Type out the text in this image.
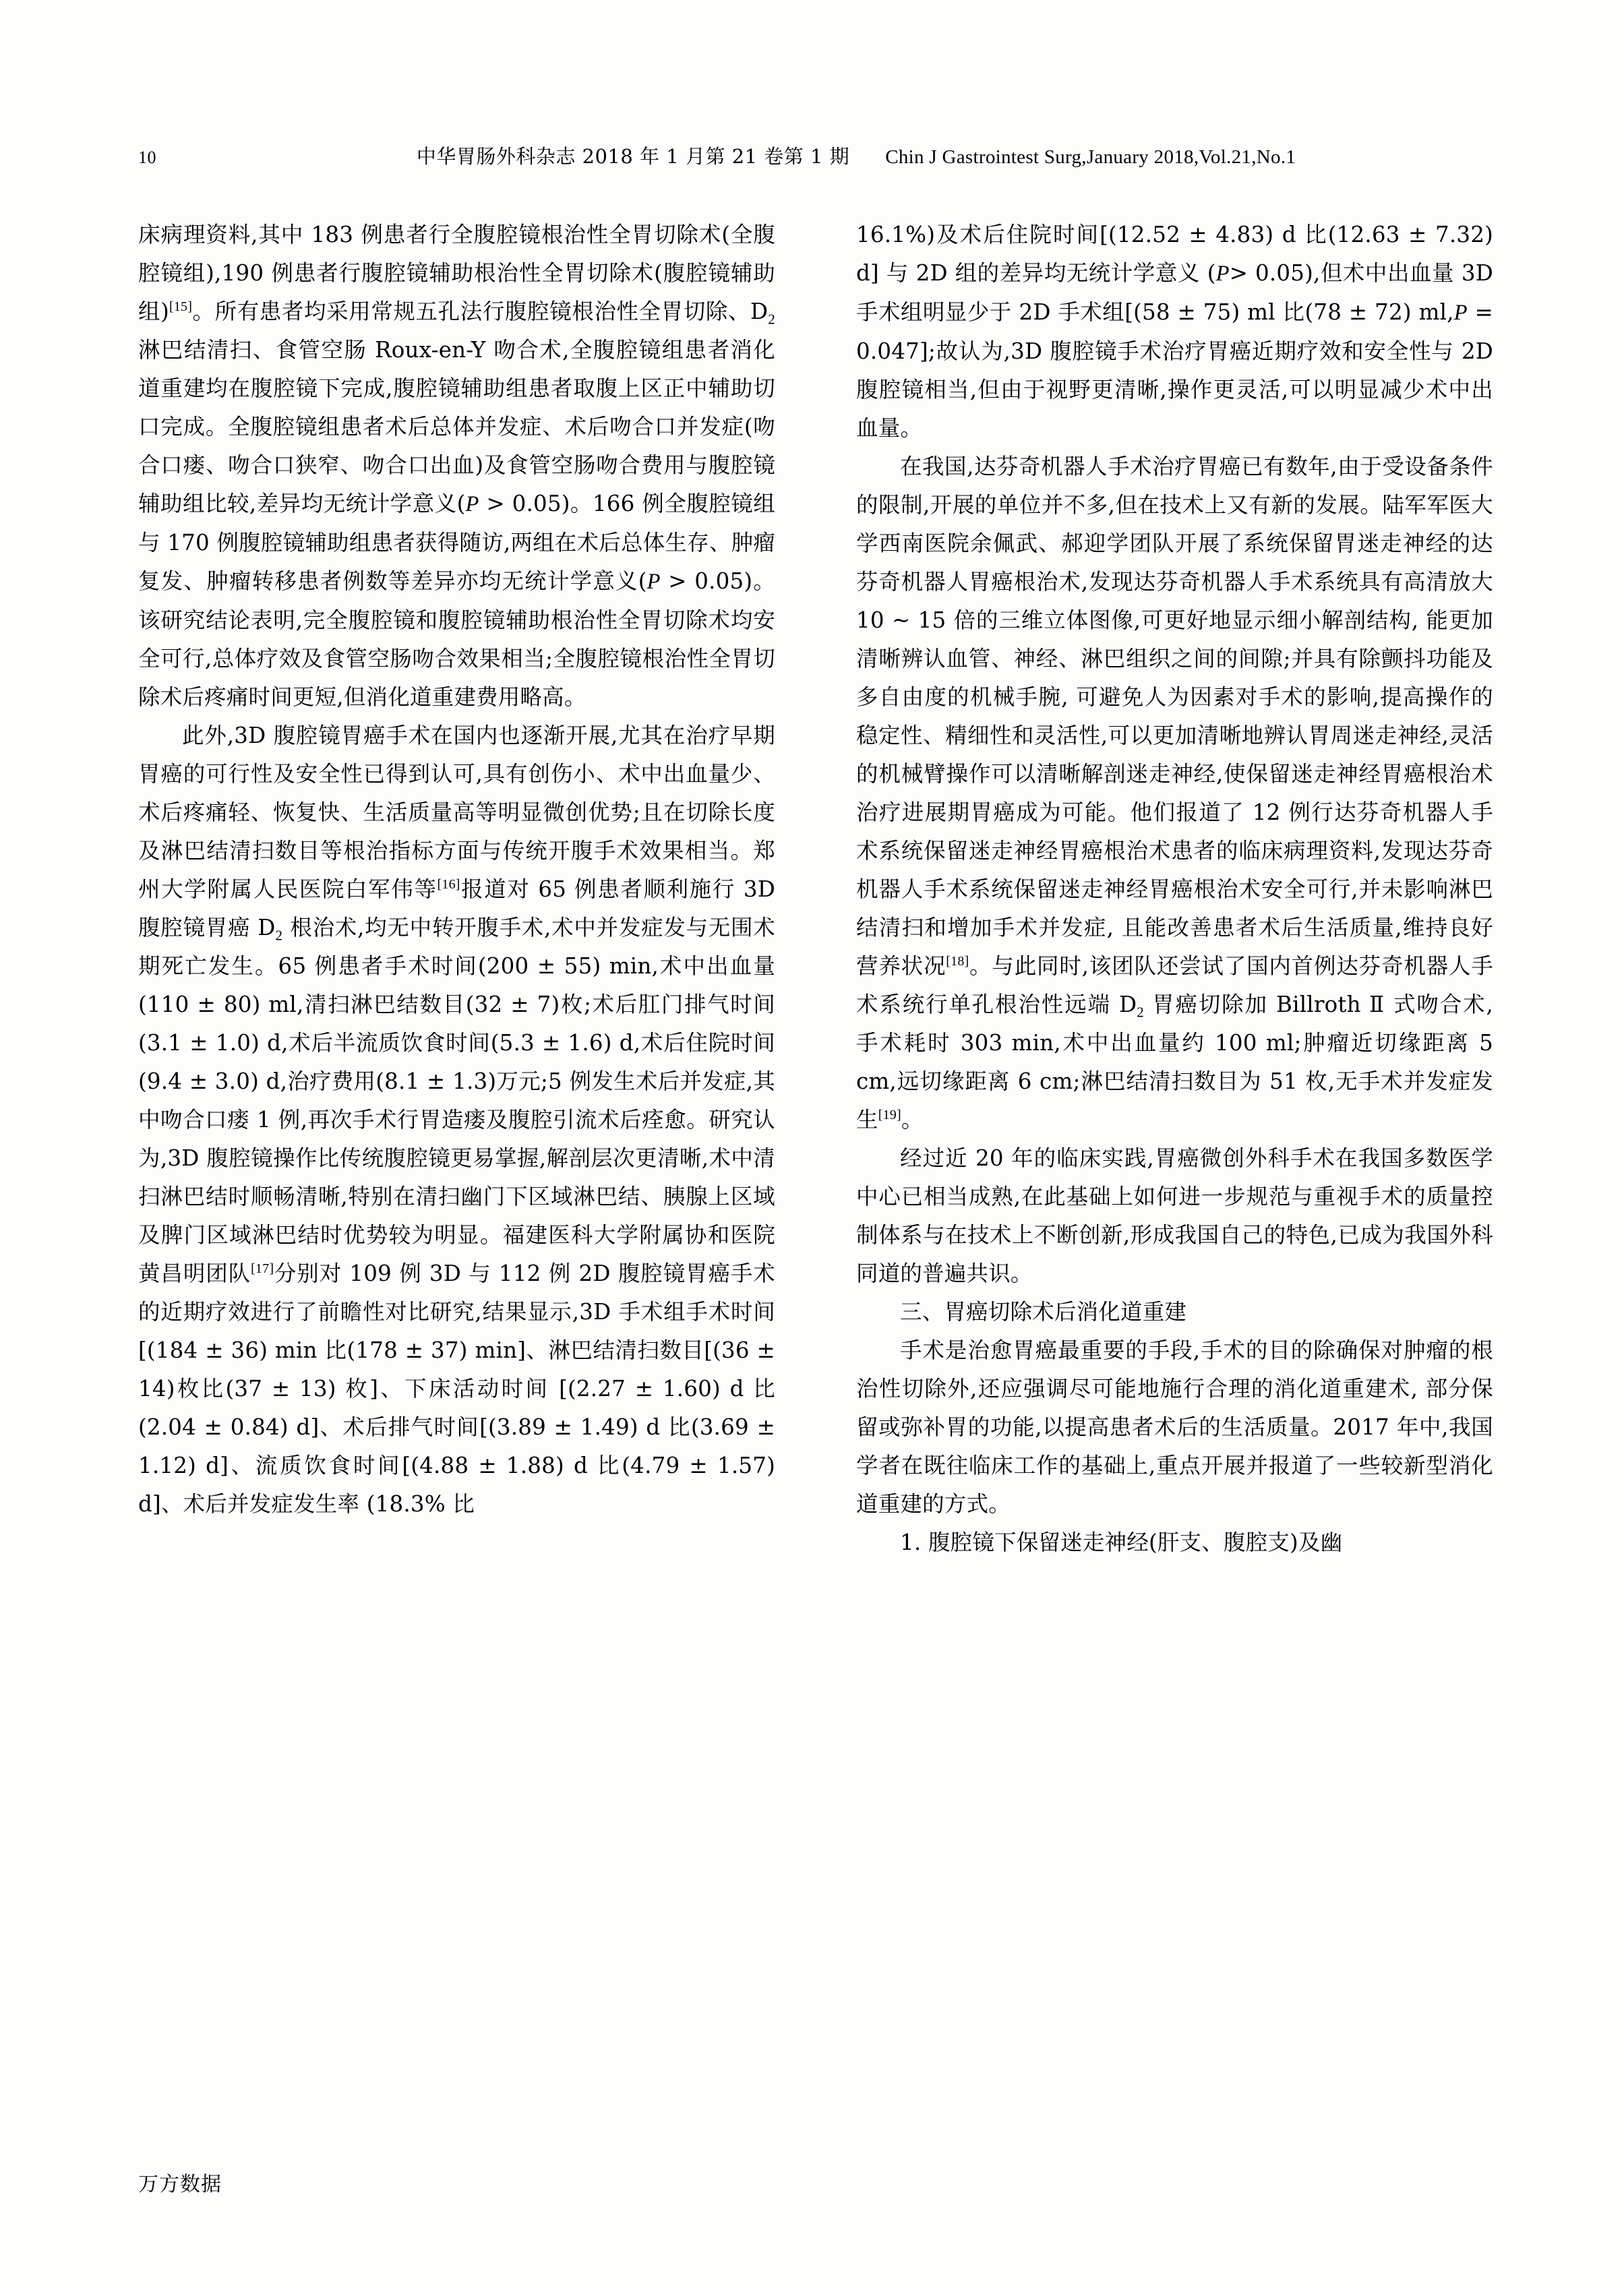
10	中华胃肠外科杂志 2018 年 1 月第 21 卷第 1 期 Chin J Gastrointest Surg,January 2018,Vol.21,No.1

床病理资料,其中 183 例患者行全腹腔镜根治性全胃切除术(全腹腔镜组),190 例患者行腹腔镜辅助根治性全胃切除术(腹腔镜辅助组)[15]。所有患者均采用常规五孔法行腹腔镜根治性全胃切除、$D_2$ 淋巴结清扫、食管空肠 Roux-en-Y 吻合术,全腹腔镜组患者消化道重建均在腹腔镜下完成,腹腔镜辅助组患者取腹上区正中辅助切口完成。全腹腔镜组患者术后总体并发症、术后吻合口并发症(吻合口瘘、吻合口狭窄、吻合口出血)及食管空肠吻合费用与腹腔镜辅助组比较,差异均无统计学意义(P > 0.05)。166 例全腹腔镜组与 170 例腹腔镜辅助组患者获得随访,两组在术后总体生存、肿瘤复发、肿瘤转移患者例数等差异亦均无统计学意义(P > 0.05)。该研究结论表明,完全腹腔镜和腹腔镜辅助根治性全胃切除术均安全可行,总体疗效及食管空肠吻合效果相当;全腹腔镜根治性全胃切除术后疼痛时间更短,但消化道重建费用略高。

此外,3D 腹腔镜胃癌手术在国内也逐渐开展,尤其在治疗早期胃癌的可行性及安全性已得到认可,具有创伤小、术中出血量少、术后疼痛轻、恢复快、生活质量高等明显微创优势;且在切除长度及淋巴结清扫数目等根治指标方面与传统开腹手术效果相当。郑州大学附属人民医院白军伟等[16]报道对 65 例患者顺利施行 3D 腹腔镜胃癌 $D_2$ 根治术,均无中转开腹手术,术中并发症发与无围术期死亡发生。65 例患者手术时间(200 ± 55) min,术中出血量(110 ± 80) ml,清扫淋巴结数目(32 ± 7)枚;术后肛门排气时间(3.1 ± 1.0) d,术后半流质饮食时间(5.3 ± 1.6) d,术后住院时间(9.4 ± 3.0) d,治疗费用(8.1 ± 1.3)万元;5 例发生术后并发症,其中吻合口瘘 1 例,再次手术行胃造瘘及腹腔引流术后痊愈。研究认为,3D 腹腔镜操作比传统腹腔镜更易掌握,解剖层次更清晰,术中清扫淋巴结时顺畅清晰,特别在清扫幽门下区域淋巴结、胰腺上区域及脾门区域淋巴结时优势较为明显。福建医科大学附属协和医院黄昌明团队[17]分别对 109 例 3D 与 112 例 2D 腹腔镜胃癌手术的近期疗效进行了前瞻性对比研究,结果显示,3D 手术组手术时间[(184 ± 36) min 比(178 ± 37) min]、淋巴结清扫数目[(36 ± 14)枚比(37 ± 13) 枚]、下床活动时间 [(2.27 ± 1.60) d 比(2.04 ± 0.84) d]、术后排气时间[(3.89 ± 1.49) d 比(3.69 ± 1.12) d]、流质饮食时间[(4.88 ± 1.88) d 比(4.79 ± 1.57) d]、术后并发症发生率 (18.3% 比

16.1%)及术后住院时间[(12.52 ± 4.83) d 比(12.63 ± 7.32) d] 与 2D 组的差异均无统计学意义 (P> 0.05),但术中出血量 3D 手术组明显少于 2D 手术组[(58 ± 75) ml 比(78 ± 72) ml,P = 0.047];故认为,3D 腹腔镜手术治疗胃癌近期疗效和安全性与 2D 腹腔镜相当,但由于视野更清晰,操作更灵活,可以明显减少术中出血量。

在我国,达芬奇机器人手术治疗胃癌已有数年,由于受设备条件的限制,开展的单位并不多,但在技术上又有新的发展。陆军军医大学西南医院余佩武、郝迎学团队开展了系统保留胃迷走神经的达芬奇机器人胃癌根治术,发现达芬奇机器人手术系统具有高清放大 10 ~ 15 倍的三维立体图像,可更好地显示细小解剖结构, 能更加清晰辨认血管、神经、淋巴组织之间的间隙;并具有除颤抖功能及多自由度的机械手腕, 可避免人为因素对手术的影响,提高操作的稳定性、精细性和灵活性,可以更加清晰地辨认胃周迷走神经,灵活的机械臂操作可以清晰解剖迷走神经,使保留迷走神经胃癌根治术治疗进展期胃癌成为可能。他们报道了 12 例行达芬奇机器人手术系统保留迷走神经胃癌根治术患者的临床病理资料,发现达芬奇机器人手术系统保留迷走神经胃癌根治术安全可行,并未影响淋巴结清扫和增加手术并发症, 且能改善患者术后生活质量,维持良好营养状况[18]。与此同时,该团队还尝试了国内首例达芬奇机器人手术系统行单孔根治性远端 $D_2$ 胃癌切除加 Billroth Ⅱ 式吻合术, 手术耗时 303 min,术中出血量约 100 ml;肿瘤近切缘距离 5 cm,远切缘距离 6 cm;淋巴结清扫数目为 51 枚,无手术并发症发生[19]。

经过近 20 年的临床实践,胃癌微创外科手术在我国多数医学中心已相当成熟,在此基础上如何进一步规范与重视手术的质量控制体系与在技术上不断创新,形成我国自己的特色,已成为我国外科同道的普遍共识。

三、胃癌切除术后消化道重建

手术是治愈胃癌最重要的手段,手术的目的除确保对肿瘤的根治性切除外,还应强调尽可能地施行合理的消化道重建术, 部分保留或弥补胃的功能,以提高患者术后的生活质量。2017 年中,我国学者在既往临床工作的基础上,重点开展并报道了一些较新型消化道重建的方式。

1. 腹腔镜下保留迷走神经(肝支、腹腔支)及幽

万方数据
